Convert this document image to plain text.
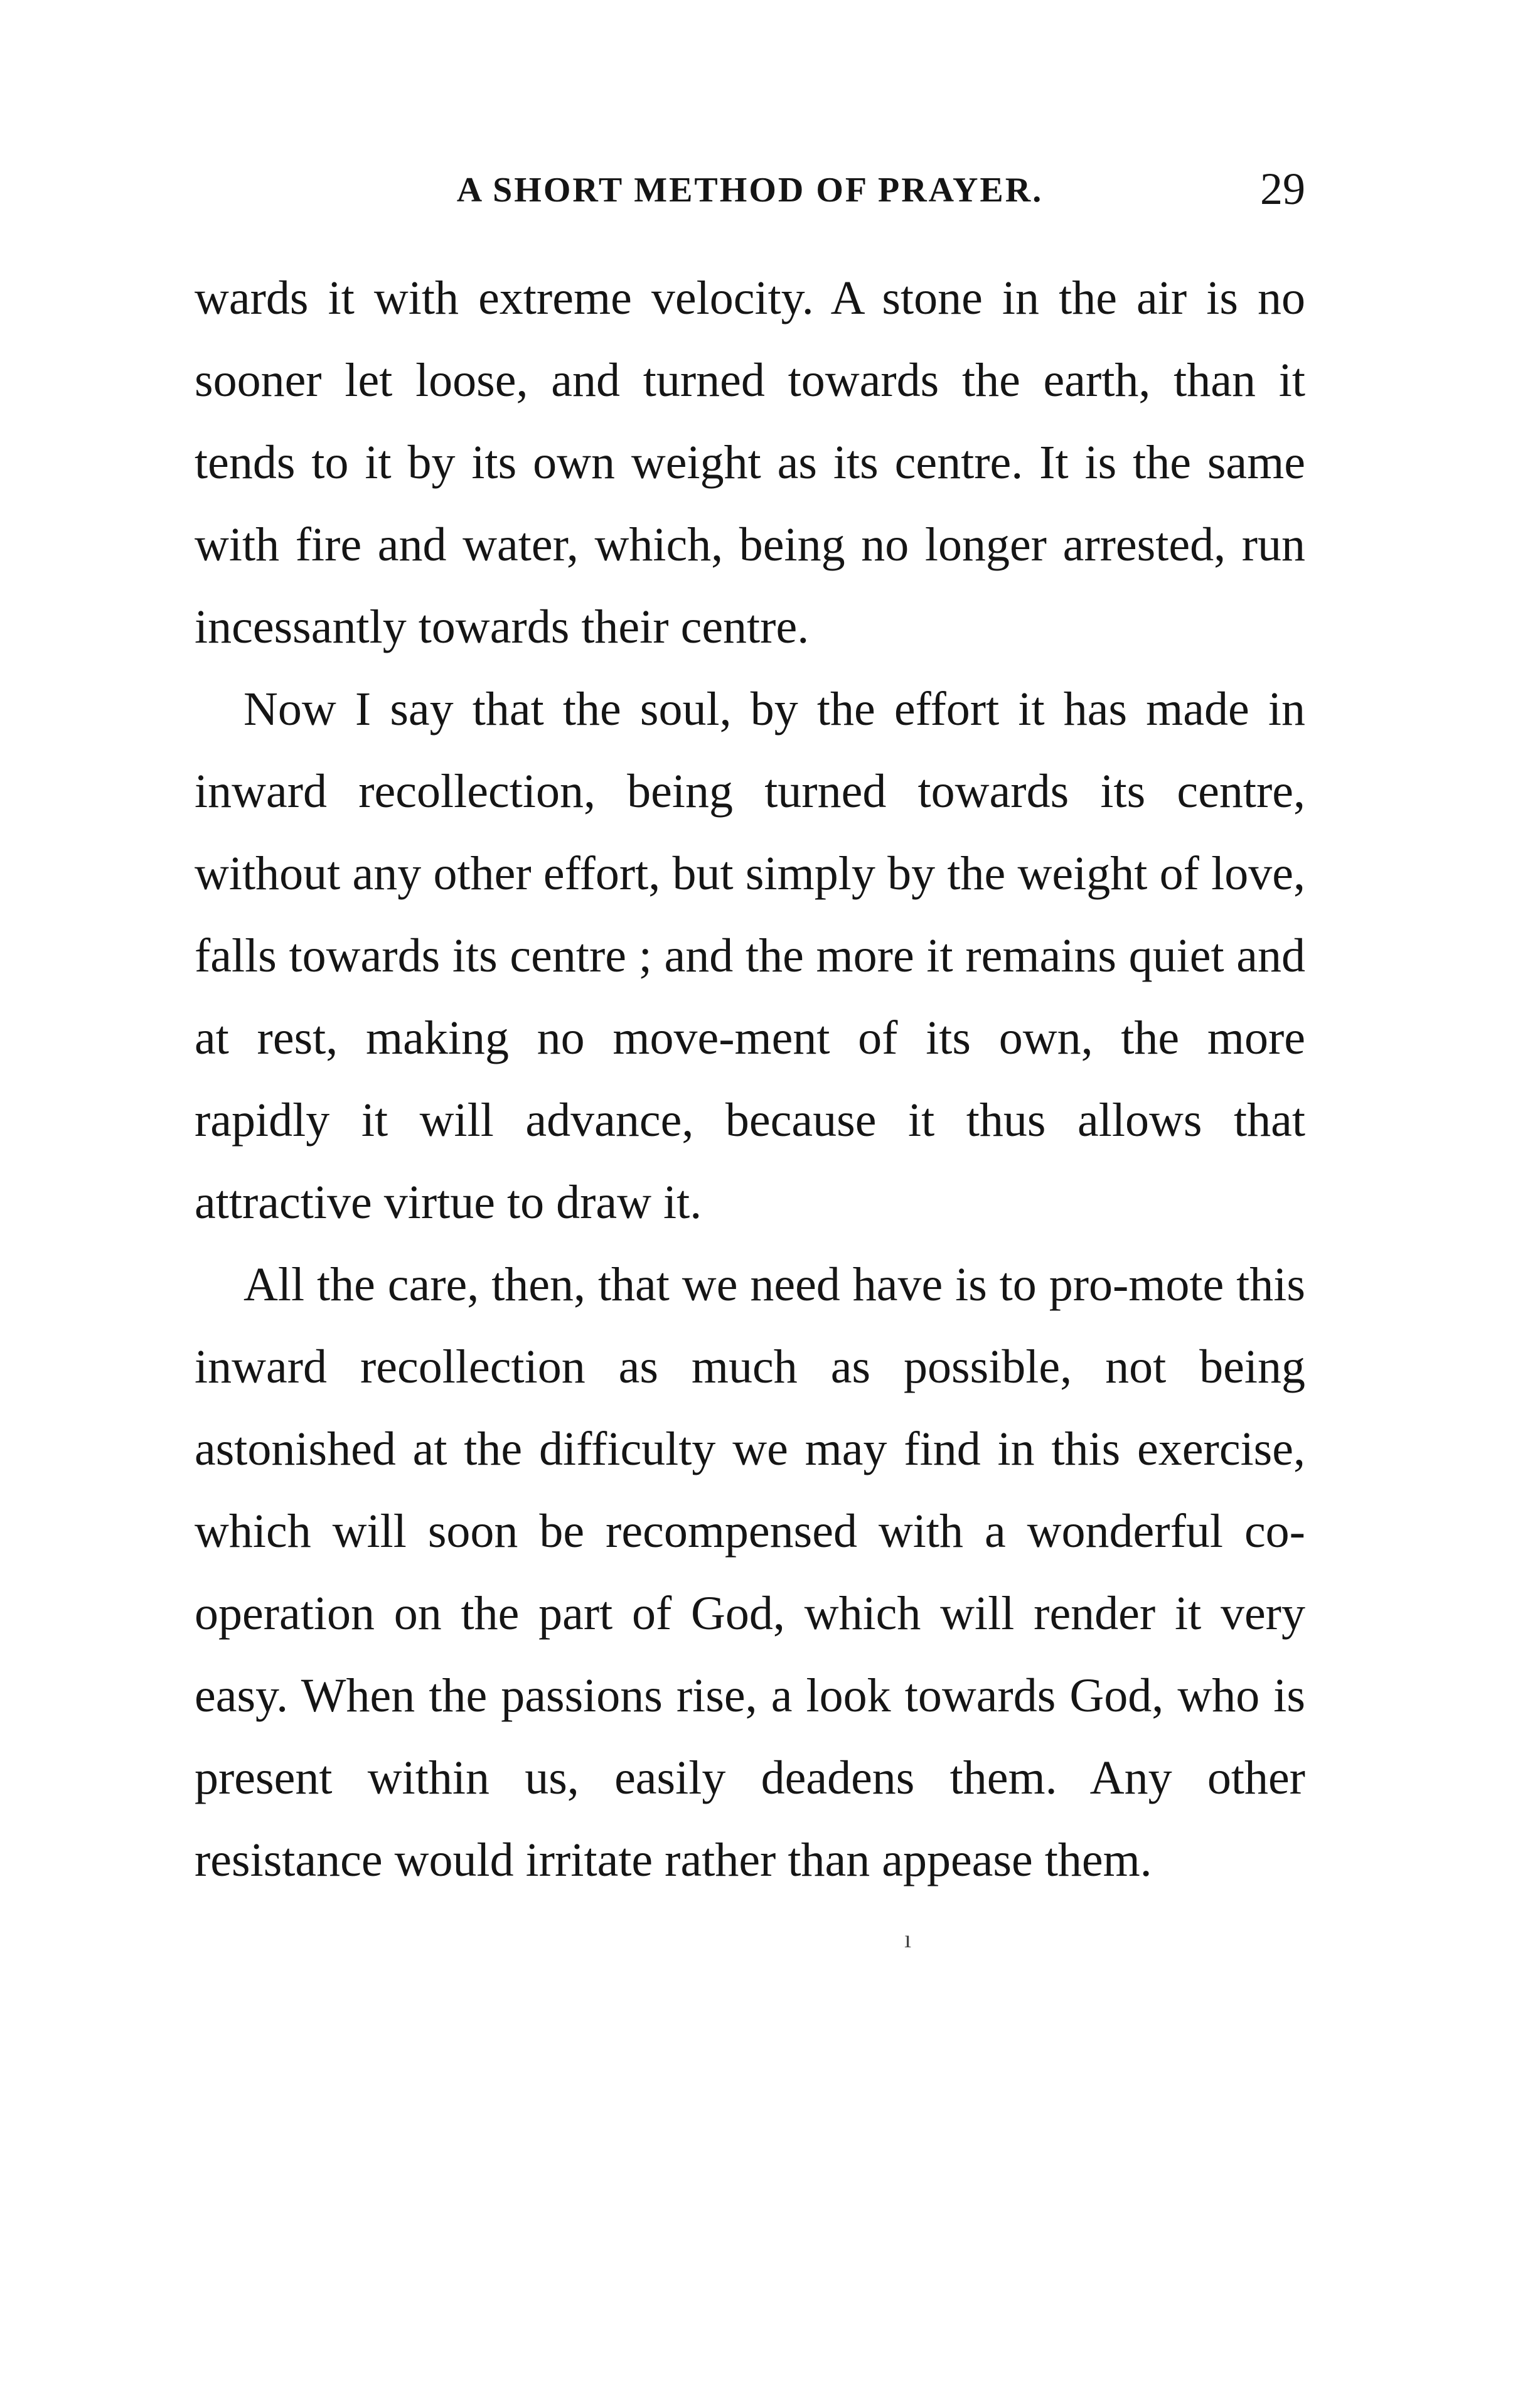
A SHORT METHOD OF PRAYER.	29

wards it with extreme velocity. A stone in the air is no sooner let loose, and turned towards the earth, than it tends to it by its own weight as its centre. It is the same with fire and water, which, being no longer arrested, run incessantly towards their centre.

Now I say that the soul, by the effort it has made in inward recollection, being turned towards its centre, without any other effort, but simply by the weight of love, falls towards its centre ; and the more it remains quiet and at rest, making no move-ment of its own, the more rapidly it will advance, because it thus allows that attractive virtue to draw it.

All the care, then, that we need have is to pro-mote this inward recollection as much as possible, not being astonished at the difficulty we may find in this exercise, which will soon be recompensed with a wonderful co-operation on the part of God, which will render it very easy. When the passions rise, a look towards God, who is present within us, easily deadens them. Any other resistance would irritate rather than appease them.

ı
